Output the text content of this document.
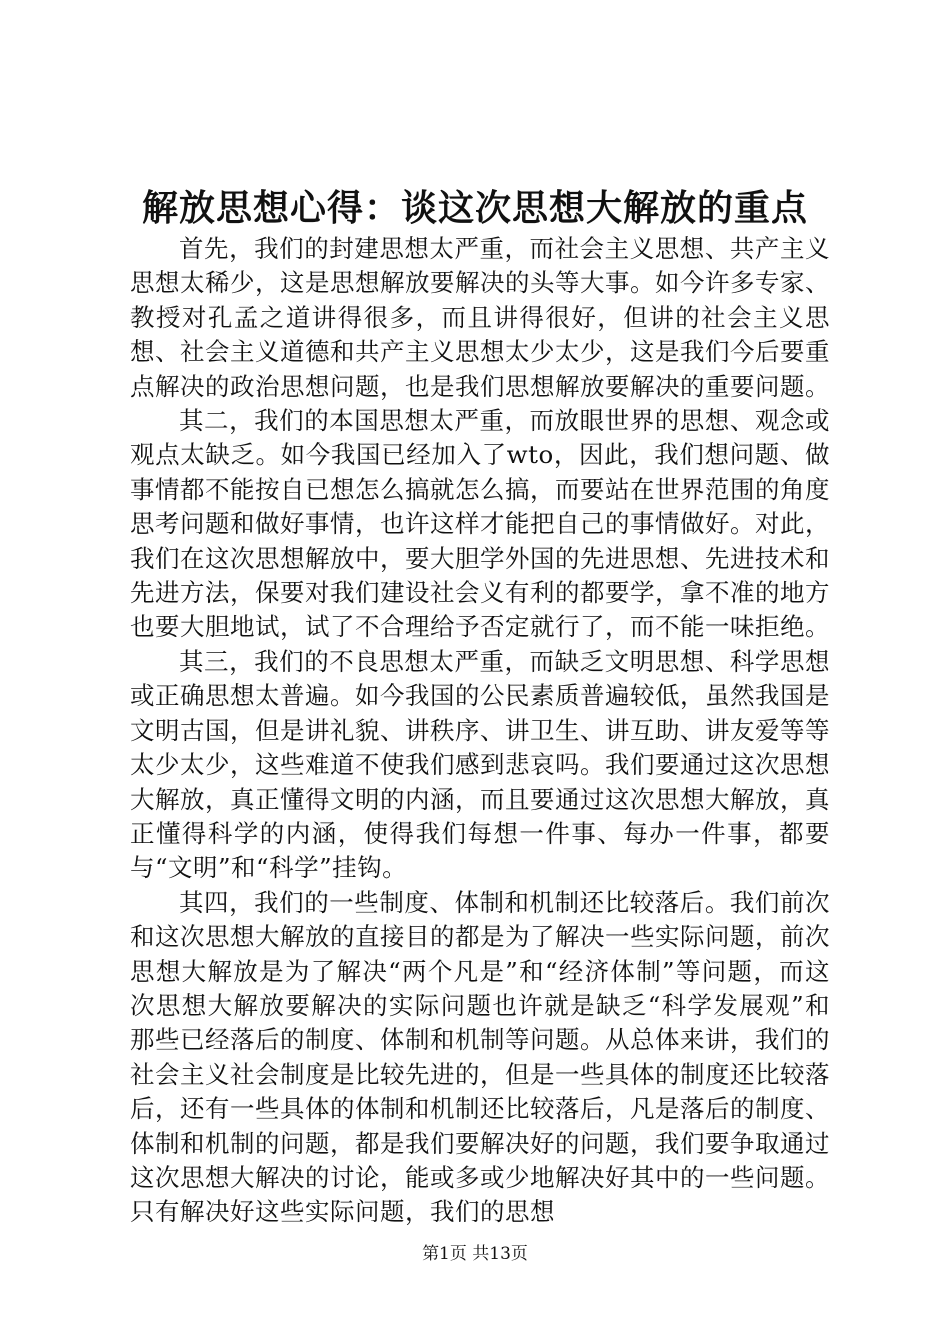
解放思想心得：谈这次思想大解放的重点

首先，我们的封建思想太严重，而社会主义思想、共产主义思想太稀少，这是思想解放要解决的头等大事。如今许多专家、教授对孔孟之道讲得很多，而且讲得很好，但讲的社会主义思想、社会主义道德和共产主义思想太少太少，这是我们今后要重点解决的政治思想问题，也是我们思想解放要解决的重要问题。

其二，我们的本国思想太严重，而放眼世界的思想、观念或观点太缺乏。如今我国已经加入了wto，因此，我们想问题、做事情都不能按自已想怎么搞就怎么搞，而要站在世界范围的角度思考问题和做好事情，也许这样才能把自己的事情做好。对此，我们在这次思想解放中，要大胆学外国的先进思想、先进技术和先进方法，保要对我们建设社会义有利的都要学，拿不准的地方也要大胆地试，试了不合理给予否定就行了，而不能一味拒绝。

其三，我们的不良思想太严重，而缺乏文明思想、科学思想或正确思想太普遍。如今我国的公民素质普遍较低，虽然我国是文明古国，但是讲礼貌、讲秩序、讲卫生、讲互助、讲友爱等等太少太少，这些难道不使我们感到悲哀吗。我们要通过这次思想大解放，真正懂得文明的内涵，而且要通过这次思想大解放，真正懂得科学的内涵，使得我们每想一件事、每办一件事，都要与“文明”和“科学”挂钩。

其四，我们的一些制度、体制和机制还比较落后。我们前次和这次思想大解放的直接目的都是为了解决一些实际问题，前次思想大解放是为了解决“两个凡是”和“经济体制”等问题，而这次思想大解放要解决的实际问题也许就是缺乏“科学发展观”和那些已经落后的制度、体制和机制等问题。从总体来讲，我们的社会主义社会制度是比较先进的，但是一些具体的制度还比较落后，还有一些具体的体制和机制还比较落后，凡是落后的制度、体制和机制的问题，都是我们要解决好的问题，我们要争取通过这次思想大解决的讨论，能或多或少地解决好其中的一些问题。只有解决好这些实际问题，我们的思想

第1页 共13页
